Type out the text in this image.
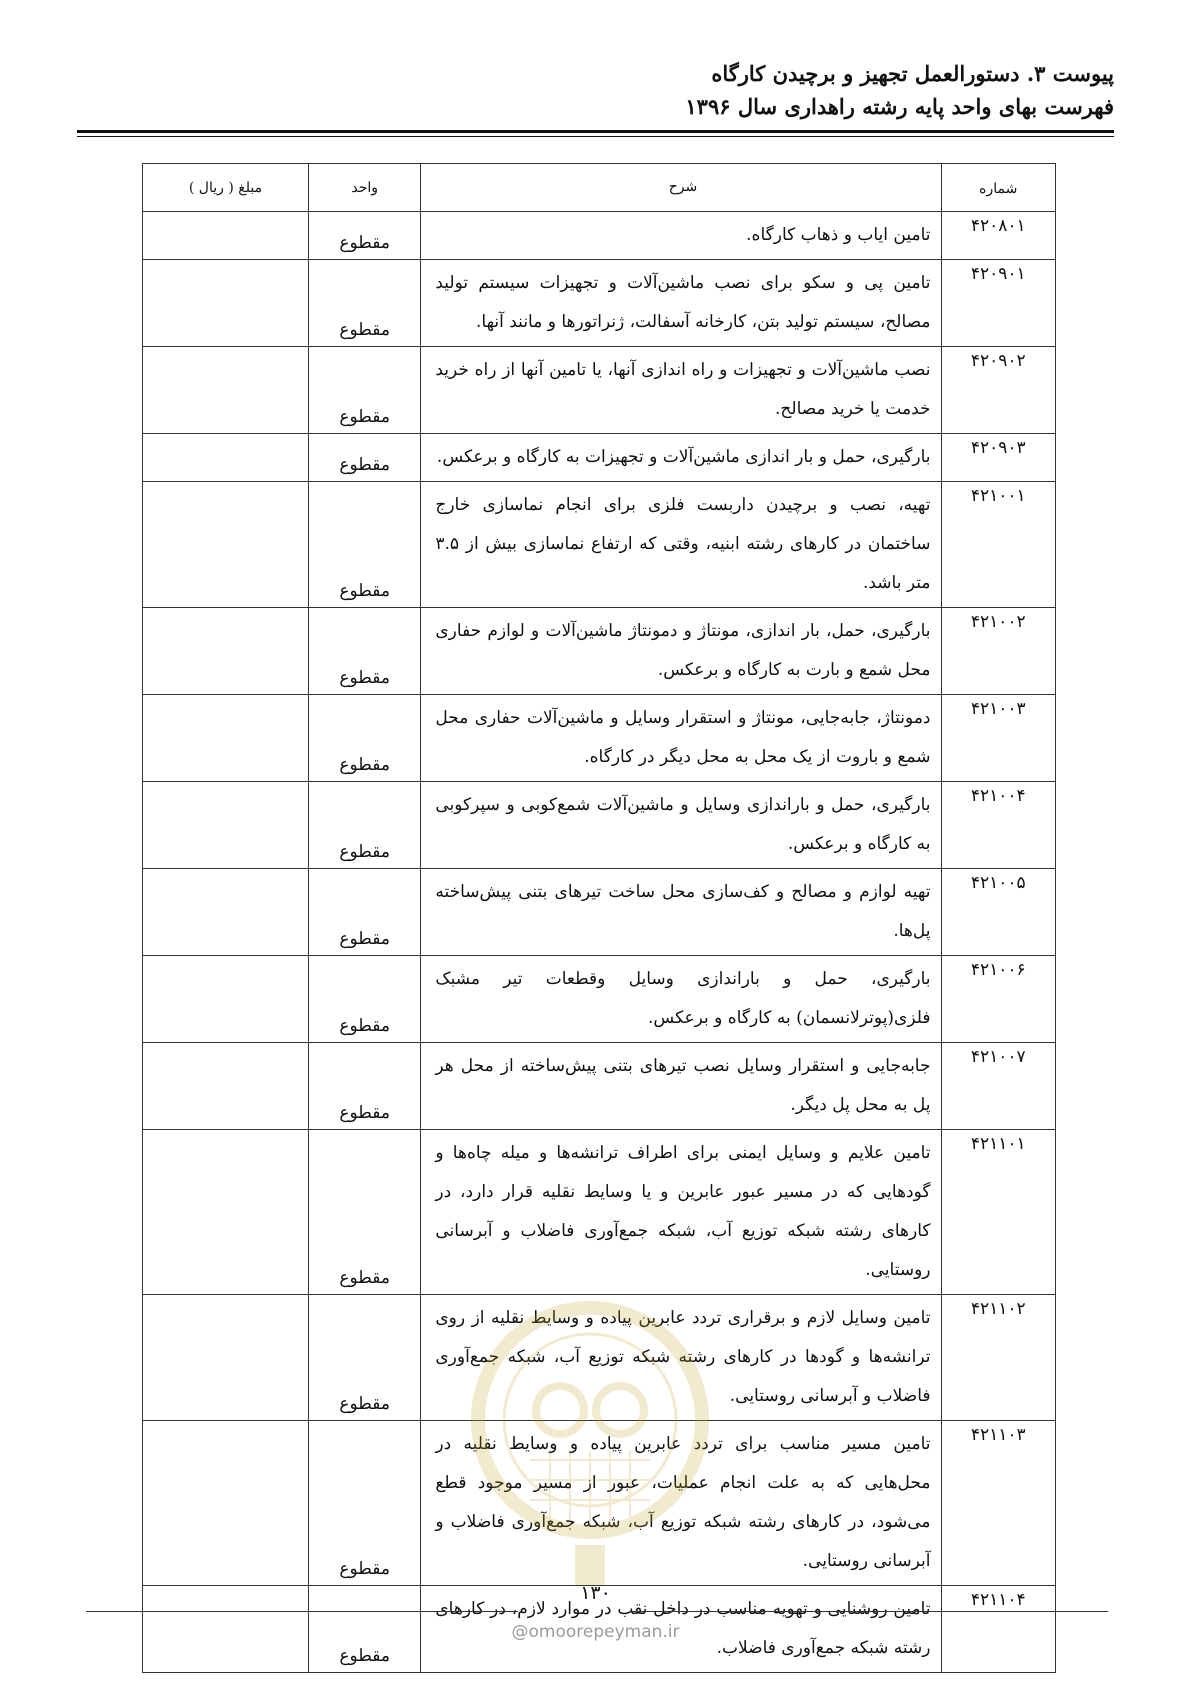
پیوست ۳. دستورالعمل تجهیز و برچیدن کارگاه
فهرست بهای واحد پایه رشته راهداری سال ۱۳۹۶
شماره	شرح	واحد	مبلغ ( ریال )
۴۲۰۸۰۱	تامین ایاب و ذهاب کارگاه.	مقطوع	
۴۲۰۹۰۱	تامین پی و سکو برای نصب ماشین‌آلات و تجهیزات سیستم تولید مصالح، سیستم تولید بتن، کارخانه آسفالت، ژنراتورها و مانند آنها.	مقطوع	
۴۲۰۹۰۲	نصب ماشین‌آلات و تجهیزات و راه اندازی آنها، یا تامین آنها از راه خرید خدمت یا خرید مصالح.	مقطوع	
۴۲۰۹۰۳	بارگیری، حمل و بار اندازی ماشین‌آلات و تجهیزات به کارگاه و برعکس.	مقطوع	
۴۲۱۰۰۱	تهیه، نصب و برچیدن داربست فلزی برای انجام نماسازی خارج ساختمان در کارهای رشته ابنیه، وقتی که ارتفاع نماسازی بیش از ۳.۵ متر باشد.	مقطوع	
۴۲۱۰۰۲	بارگیری، حمل، بار اندازی، مونتاژ و دمونتاژ ماشین‌آلات و لوازم حفاری محل شمع و بارت به کارگاه و برعکس.	مقطوع	
۴۲۱۰۰۳	دمونتاژ، جابه‌جایی، مونتاژ و استقرار وسایل و ماشین‌آلات حفاری محل شمع و باروت از یک محل به محل دیگر در کارگاه.	مقطوع	
۴۲۱۰۰۴	بارگیری، حمل و باراندازی وسایل و ماشین‌آلات شمع‌کوبی و سپرکوبی به کارگاه و برعکس.	مقطوع	
۴۲۱۰۰۵	تهیه لوازم و مصالح و کف‌سازی محل ساخت تیرهای بتنی پیش‌ساخته پل‌ها.	مقطوع	
۴۲۱۰۰۶	بارگیری، حمل و باراندازی وسایل وقطعات تیر مشبک فلزی(پوترلانسمان) به کارگاه و برعکس.	مقطوع	
۴۲۱۰۰۷	جابه‌جایی و استقرار وسایل نصب تیرهای بتنی پیش‌ساخته از محل هر پل به محل پل دیگر.	مقطوع	
۴۲۱۱۰۱	تامین علایم و وسایل ایمنی برای اطراف ترانشه‌ها و میله چاه‌ها و گودهایی که در مسیر عبور عابرین و یا وسایط نقلیه قرار دارد، در کارهای رشته شبکه توزیع آب، شبکه جمع‌آوری فاضلاب و آبرسانی روستایی.	مقطوع	
۴۲۱۱۰۲	تامین وسایل لازم و برقراری تردد عابرین پیاده و وسایط نقلیه از روی ترانشه‌ها و گودها در کارهای رشته شبکه توزیع آب، شبکه جمع‌آوری فاضلاب و آبرسانی روستایی.	مقطوع	
۴۲۱۱۰۳	تامین مسیر مناسب برای تردد عابرین پیاده و وسایط نقلیه در محل‌هایی که به علت انجام عملیات، عبور از مسیر موجود قطع می‌شود، در کارهای رشته شبکه توزیع آب، شبکه جمع‌آوری فاضلاب و آبرسانی روستایی.	مقطوع	
۴۲۱۱۰۴	تامین روشنایی و تهویه مناسب در داخل نقب در موارد لازم، در کارهای رشته شبکه جمع‌آوری فاضلاب.	مقطوع	
۱۳۰
@omoorepeyman.ir
